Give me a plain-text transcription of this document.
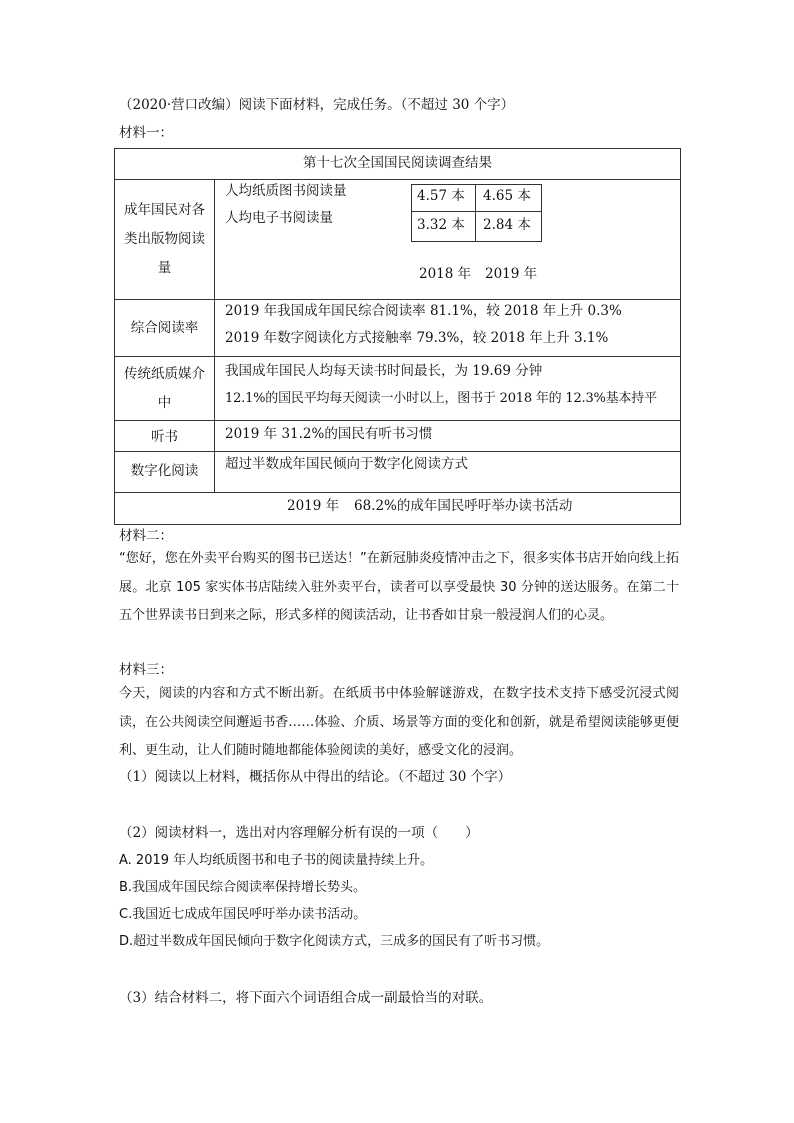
（2020·营口改编）阅读下面材料，完成任务。（不超过 30 个字）
材料一：
第十七次全国国民阅读调查结果
成年国民对各
类出版物阅读
量
人均纸质图书阅读量
人均电子书阅读量
4.57 本 4.65 本
3.32 本 2.84 本
2018 年 2019 年
综合阅读率
2019 年我国成年国民综合阅读率 81.1%，较 2018 年上升 0.3%
2019 年数字阅读化方式接触率 79.3%，较 2018 年上升 3.1%
传统纸质媒介
中
我国成年国民人均每天读书时间最长，为 19.69 分钟
12.1%的国民平均每天阅读一小时以上，图书于 2018 年的 12.3%基本持平
听书	2019 年 31.2%的国民有听书习惯
数字化阅读	超过半数成年国民倾向于数字化阅读方式
2019 年 68.2%的成年国民呼吁举办读书活动
材料二：
“您好，您在外卖平台购买的图书已送达！”在新冠肺炎疫情冲击之下，很多实体书店开始向线上拓展。北京 105 家实体书店陆续入驻外卖平台，读者可以享受最快 30 分钟的送达服务。在第二十五个世界读书日到来之际，形式多样的阅读活动，让书香如甘泉一般浸润人们的心灵。
材料三：
今天，阅读的内容和方式不断出新。在纸质书中体验解谜游戏，在数字技术支持下感受沉浸式阅读，在公共阅读空间邂逅书香……体验、介质、场景等方面的变化和创新，就是希望阅读能够更便利、更生动，让人们随时随地都能体验阅读的美好，感受文化的浸润。
（1）阅读以上材料，概括你从中得出的结论。（不超过 30 个字）
（2）阅读材料一，选出对内容理解分析有误的一项（　　）
A. 2019 年人均纸质图书和电子书的阅读量持续上升。
B.我国成年国民综合阅读率保持增长势头。
C.我国近七成成年国民呼吁举办读书活动。
D.超过半数成年国民倾向于数字化阅读方式，三成多的国民有了听书习惯。
（3）结合材料二，将下面六个词语组合成一副最恰当的对联。
